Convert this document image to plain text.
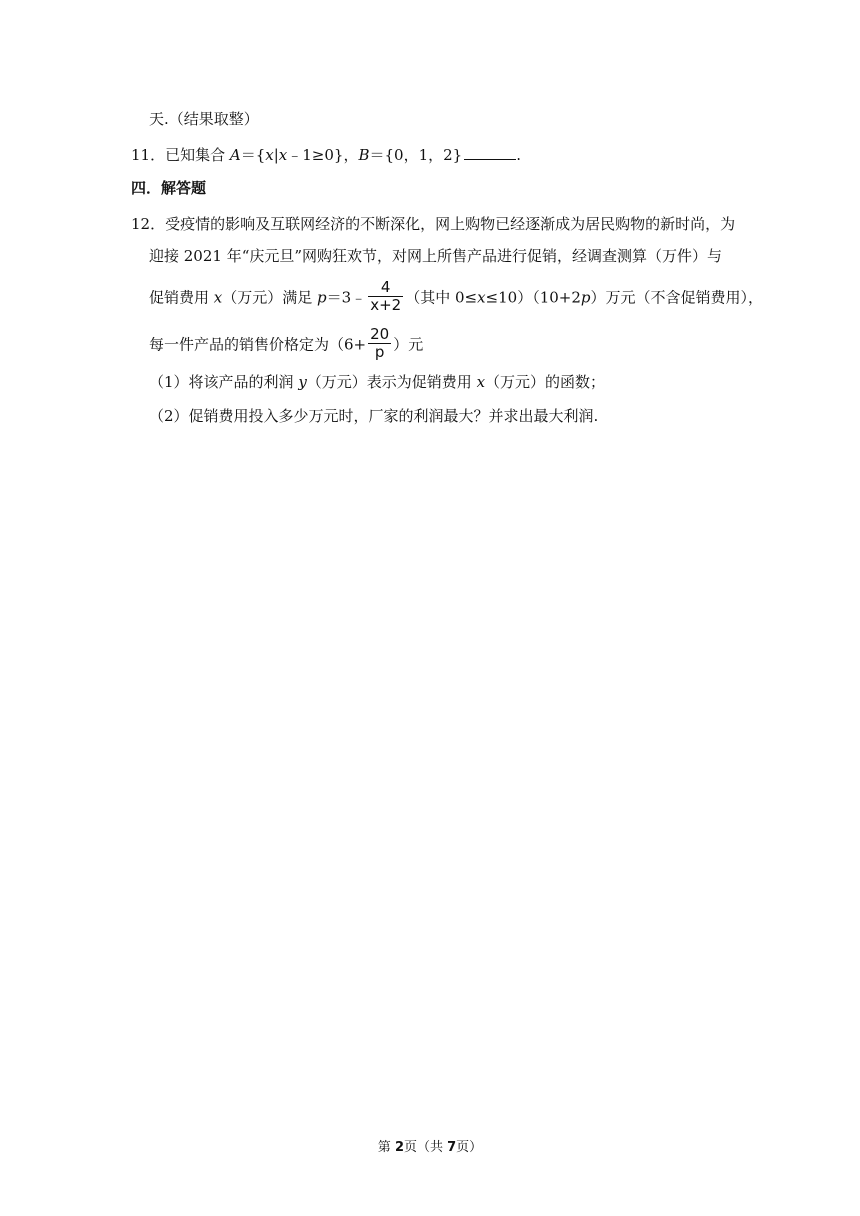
天.（结果取整）
11．已知集合 A＝{x|x﹣1≥0}，B＝{0，1，2}	.
四．解答题
12．受疫情的影响及互联网经济的不断深化，网上购物已经逐渐成为居民购物的新时尚，为
迎接 2021 年“庆元旦”网购狂欢节，对网上所售产品进行促销，经调查测算（万件）与
促销费用 x（万元）满足 p＝3﹣ $\frac{4}{x+2}$ （其中 0≤x≤10）（10+2p）万元（不含促销费用），
每一件产品的销售价格定为（$6+ \frac{20}{p}$ ）元
（1）将该产品的利润 y（万元）表示为促销费用 x（万元）的函数；
（2）促销费用投入多少万元时，厂家的利润最大？并求出最大利润.
第 2页（共 7页）
